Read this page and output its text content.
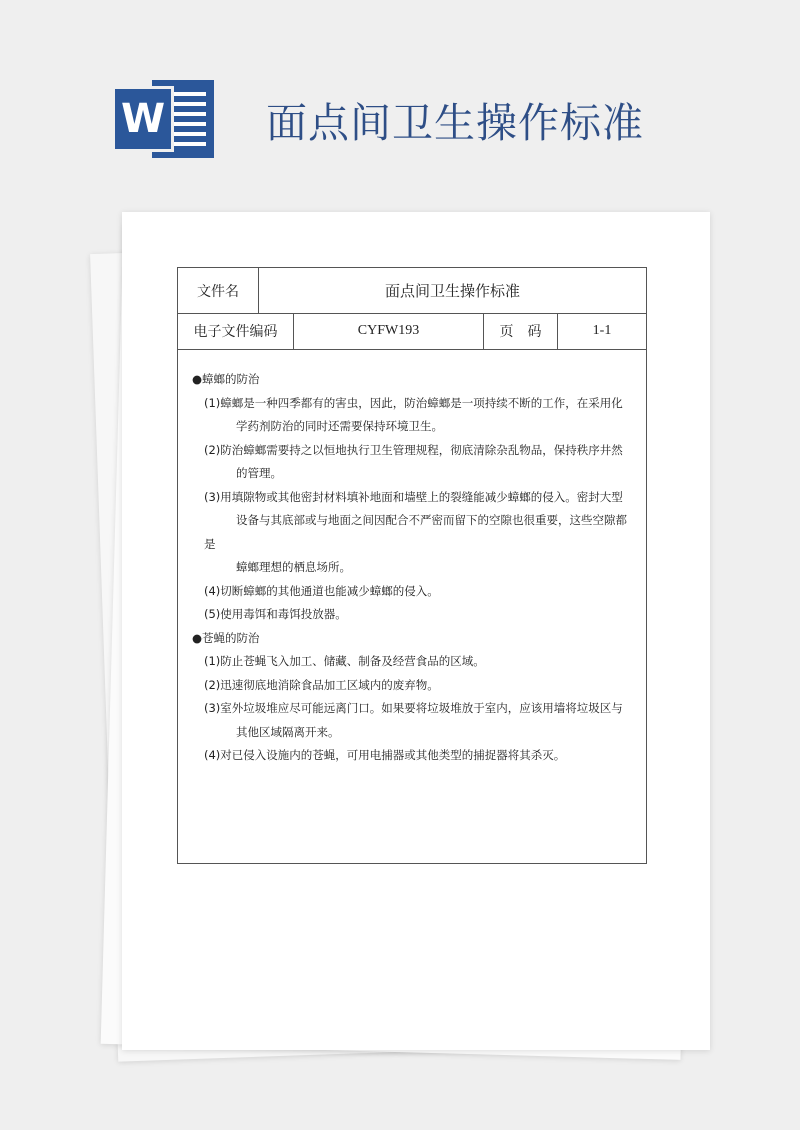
W 面点间卫生操作标准
文件名	面点间卫生操作标准
电子文件编码	CYFW193	页　码	1-1

●蟑螂的防治

(1)蟑螂是一种四季都有的害虫，因此，防治蟑螂是一项持续不断的工作，在采用化

学药剂防治的同时还需要保持环境卫生。

(2)防治蟑螂需要持之以恒地执行卫生管理规程，彻底清除杂乱物品，保持秩序井然

的管理。

(3)用填隙物或其他密封材料填补地面和墙壁上的裂缝能减少蟑螂的侵入。密封大型

设备与其底部或与地面之间因配合不严密而留下的空隙也很重要，这些空隙都是

蟑螂理想的栖息场所。

(4)切断蟑螂的其他通道也能减少蟑螂的侵入。

(5)使用毒饵和毒饵投放器。

●苍蝇的防治

(1)防止苍蝇飞入加工、储藏、制备及经营食品的区域。

(2)迅速彻底地消除食品加工区域内的废弃物。

(3)室外垃圾堆应尽可能远离门口。如果要将垃圾堆放于室内，应该用墙将垃圾区与

其他区域隔离开来。

(4)对已侵入设施内的苍蝇，可用电捕器或其他类型的捕捉器将其杀灭。
